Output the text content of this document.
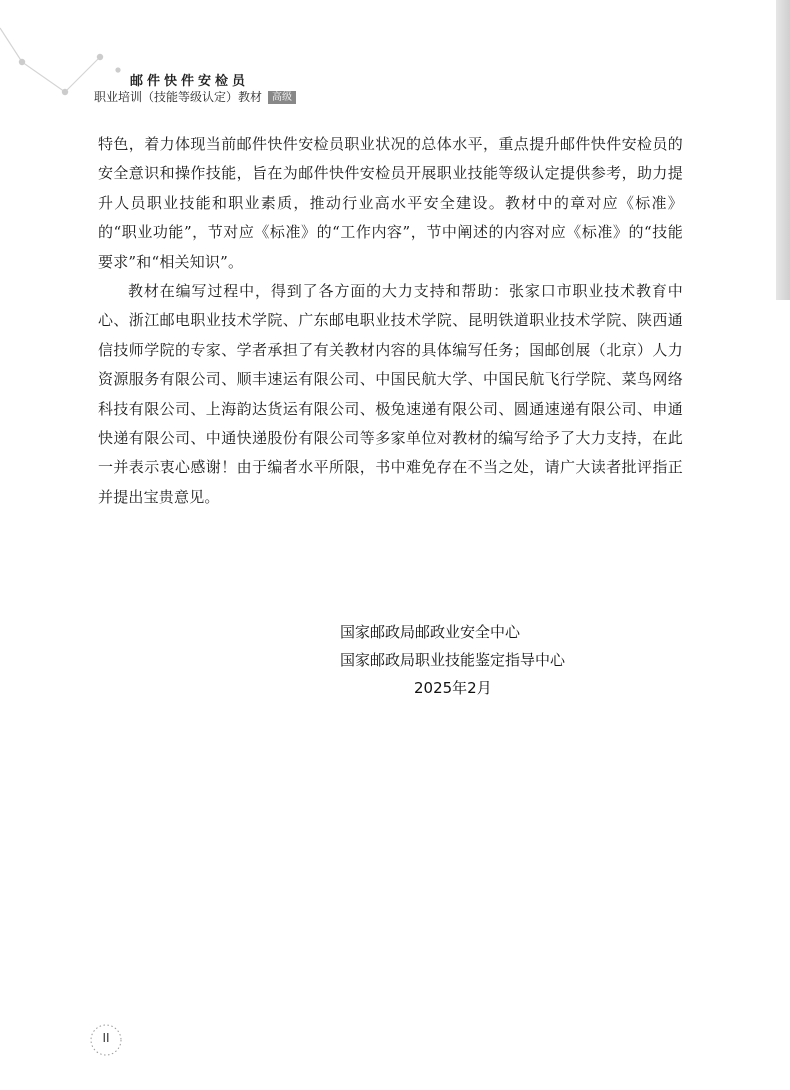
邮件快件安检员
职业培训（技能等级认定）教材 高级

特色，着力体现当前邮件快件安检员职业状况的总体水平，重点提升邮件快件安检员的安全意识和操作技能，旨在为邮件快件安检员开展职业技能等级认定提供参考，助力提升人员职业技能和职业素质，推动行业高水平安全建设。教材中的章对应《标准》的“职业功能”，节对应《标准》的“工作内容”，节中阐述的内容对应《标准》的“技能要求”和“相关知识”。

教材在编写过程中，得到了各方面的大力支持和帮助：张家口市职业技术教育中心、浙江邮电职业技术学院、广东邮电职业技术学院、昆明铁道职业技术学院、陕西通信技师学院的专家、学者承担了有关教材内容的具体编写任务；国邮创展（北京）人力资源服务有限公司、顺丰速运有限公司、中国民航大学、中国民航飞行学院、菜鸟网络科技有限公司、上海韵达货运有限公司、极兔速递有限公司、圆通速递有限公司、申通快递有限公司、中通快递股份有限公司等多家单位对教材的编写给予了大力支持，在此一并表示衷心感谢！由于编者水平所限，书中难免存在不当之处，请广大读者批评指正并提出宝贵意见。

国家邮政局邮政业安全中心
国家邮政局职业技能鉴定指导中心
2025年2月
II
